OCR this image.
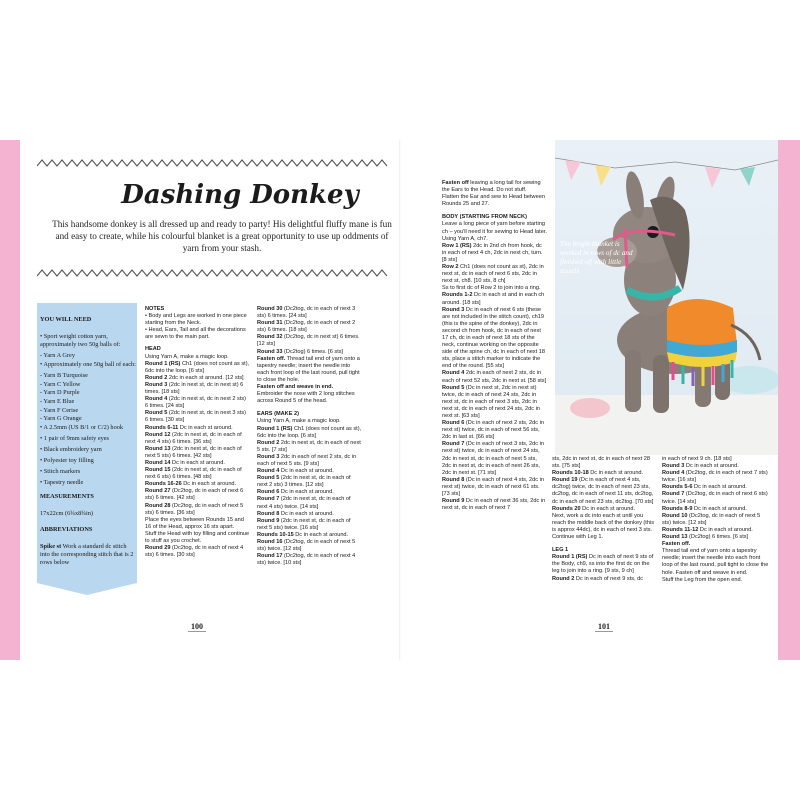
Dashing Donkey
This handsome donkey is all dressed up and ready to party! His delightful fluffy mane is fun and easy to create, while his colourful blanket is a great opportunity to use up oddments of yarn from your stash.
YOU WILL NEED
• Sport weight cotton yarn, approximately two 50g balls of:
- Yarn A Grey
• Approximately one 50g ball of each:
- Yarn B Turquoise
- Yarn C Yellow
- Yarn D Purple
- Yarn E Blue
- Yarn F Cerise
- Yarn G Orange
• A 2.5mm (US B/1 or C/2) hook
• 1 pair of 9mm safety eyes
• Black embroidery yarn
• Polyester toy filling
• Stitch markers
• Tapestry needle
MEASUREMENTS
17x22cm (6¾x8¾in)
ABBREVIATIONS
Spike st Work a standard dc stitch into the corresponding stitch that is 2 rows below

NOTES

• Body and Legs are worked in one piece starting from the Neck.

• Head, Ears, Tail and all the decorations are sewn to the main part.

HEAD

Using Yarn A, make a magic loop.

Round 1 (RS) Ch1 (does not count as st), 6dc into the loop. [6 sts]

Round 2 2dc in each st around. [12 sts]

Round 3 (2dc in next st, dc in next st) 6 times. [18 sts]

Round 4 (2dc in next st, dc in next 2 sts) 6 times. [24 sts]

Round 5 (2dc in next st, dc in next 3 sts) 6 times. [30 sts]

Rounds 6-11 Dc in each st around.

Round 12 (2dc in next st, dc in each of next 4 sts) 6 times. [36 sts]

Round 13 (2dc in next st, dc in each of next 5 sts) 6 times. [42 sts]

Round 14 Dc in each st around.

Round 15 (2dc in next st, dc in each of next 6 sts) 6 times. [48 sts]

Rounds 16-26 Dc in each st around.

Round 27 (Dc2tog, dc in each of next 6 sts) 6 times. [42 sts]

Round 28 (Dc2tog, dc in each of next 5 sts) 6 times. [36 sts]

Place the eyes between Rounds 15 and 16 of the Head, approx 16 sts apart.

Stuff the Head with toy filling and continue to stuff as you crochet.

Round 29 (Dc2tog, dc in each of next 4 sts) 6 times. [30 sts]

Round 30 (Dc2tog, dc in each of next 3 sts) 6 times. [24 sts]

Round 31 (Dc2tog, dc in each of next 2 sts) 6 times. [18 sts]

Round 32 (Dc2tog, dc in next st) 6 times. [12 sts]

Round 33 (Dc2tog) 6 times. [6 sts]

Fasten off. Thread tail end of yarn onto a tapestry needle; insert the needle into each front loop of the last round, pull tight to close the hole.

Fasten off and weave in end.

Embroider the nose with 2 long stitches across Round 5 of the head.

EARS (MAKE 2)

Using Yarn A, make a magic loop.

Round 1 (RS) Ch1 (does not count as st), 6dc into the loop. [6 sts]

Round 2 2dc in next st, dc in each of next 5 sts. [7 sts]

Round 3 2dc in each of next 2 sts, dc in each of next 5 sts. [9 sts]

Round 4 Dc in each st around.

Round 5 (2dc in next st, dc in each of next 2 sts) 3 times. [12 sts]

Round 6 Dc in each st around.

Round 7 (2dc in next st, dc in each of next 4 sts) twice. [14 sts]

Round 8 Dc in each st around.

Round 9 (2dc in next st, dc in each of next 5 sts) twice. [16 sts]

Rounds 10-15 Dc in each st around.

Round 16 (Dc2tog, dc in each of next 5 sts) twice. [12 sts]

Round 17 (Dc2tog, dc in each of next 4 sts) twice. [10 sts]

Fasten off leaving a long tail for sewing the Ears to the Head. Do not stuff.

Flatten the Ear and sew to Head between Rounds 25 and 27.

BODY (STARTING FROM NECK)

Leave a long piece of yarn before starting ch – you'll need it for sewing to Head later.

Using Yarn A, ch7.

Row 1 (RS) 2dc in 2nd ch from hook, dc in each of next 4 ch, 2dc in next ch, turn. [8 sts]

Row 2 Ch1 (does not count as st), 2dc in next st, dc in each of next 6 sts, 2dc in next st, ch8. [10 sts, 8 ch]

Ss to first dc of Row 2 to join into a ring.

Rounds 1-2 Dc in each st and in each ch around. [18 sts]

Round 3 Dc in each of next 6 sts (these are not included in the stitch count), ch19 (this is the spine of the donkey), 2dc in second ch from hook, dc in each of next 17 ch, dc in each of next 18 sts of the neck, continue working on the opposite side of the spine ch, dc in each of next 18 sts, place a stitch marker to indicate the end of the round. [55 sts]

Round 4 2dc in each of next 2 sts, dc in each of next 52 sts, 2dc in next st. [58 sts]

Round 5 (Dc in next st, 2dc in next st) twice, dc in each of next 24 sts, 2dc in next st, dc in each of next 3 sts, 2dc in next st, dc in each of next 24 sts, 2dc in next st. [63 sts]

Round 6 (Dc in each of next 2 sts, 2dc in next st) twice, dc in each of next 56 sts, 2dc in last st. [66 sts]

Round 7 (Dc in each of next 3 sts, 2dc in next st) twice, dc in each of next 24 sts, 2dc in next st, dc in each of next 5 sts, 2dc in next st, dc in each of next 26 sts, 2dc in next st. [71 sts]

Round 8 (Dc in each of next 4 sts, 2dc in next st) twice, dc in each of next 61 sts. [73 sts]

Round 9 Dc in each of next 36 sts, 2dc in next st, dc in each of next 7

sts, 2dc in next st, dc in each of next 28 sts. [75 sts]

Rounds 10-18 Dc in each st around.

Round 19 (Dc in each of next 4 sts, dc2tog) twice, dc in each of next 23 sts, dc2tog, dc in each of next 11 sts, dc2tog, dc in each of next 23 sts, dc2tog. [70 sts]

Rounds 20 Dc in each st around.

Next, work a dc into each st until you reach the middle back of the donkey (this is approx 44dc), dc in each of next 3 sts. Continue with Leg 1.

LEG 1

Round 1 (RS) Dc in each of next 9 sts of the Body, ch9, ss into the first dc on the leg to join into a ring. [9 sts, 9 ch]

Round 2 Dc in each of next 9 sts, dc

in each of next 9 ch. [18 sts]

Round 3 Dc in each st around.

Round 4 (Dc2tog, dc in each of next 7 sts) twice. [16 sts]

Rounds 5-6 Dc in each st around.

Round 7 (Dc2tog, dc in each of next 6 sts) twice. [14 sts]

Rounds 8-9 Dc in each st around.

Round 10 (Dc2tog, dc in each of next 5 sts) twice. [12 sts]

Rounds 11-12 Dc in each st around.

Round 13 (Dc2tog) 6 times. [6 sts]

Fasten off.

Thread tail end of yarn onto a tapestry needle; insert the needle into each front loop of the last round, pull tight to close the hole. Fasten off and weave in end.

Stuff the Leg from the open end.

The bright blanket is worked in rows of dc and finished off with little tassels
100	101
